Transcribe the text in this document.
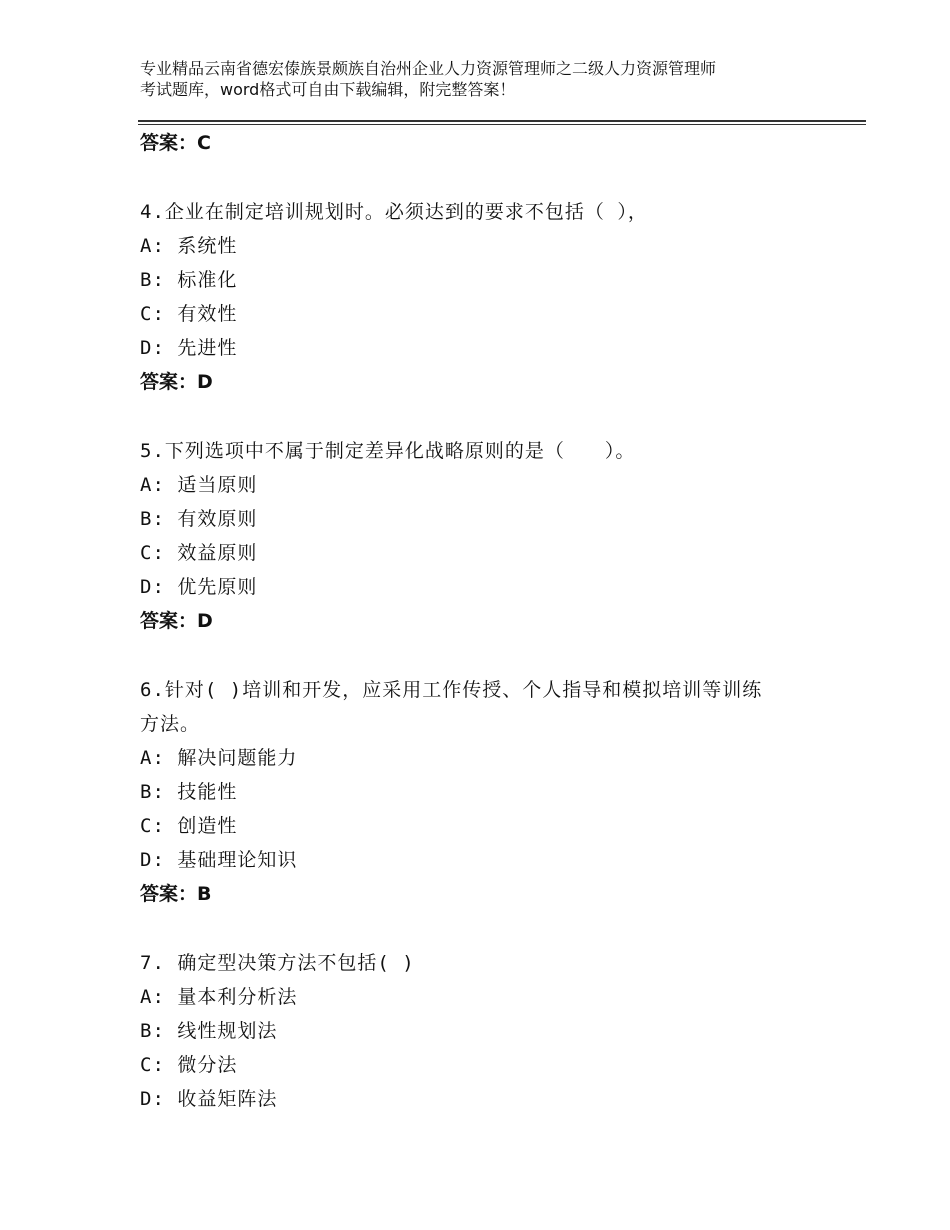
专业精品云南省德宏傣族景颇族自治州企业人力资源管理师之二级人力资源管理师
考试题库，word格式可自由下载编辑，附完整答案！
答案：C
4.企业在制定培训规划时。必须达到的要求不包括（ ），
A: 系统性
B: 标准化
C: 有效性
D: 先进性
答案：D
5.下列选项中不属于制定差异化战略原则的是（　　）。
A: 适当原则
B: 有效原则
C: 效益原则
D: 优先原则
答案：D
6.针对( )培训和开发，应采用工作传授、个人指导和模拟培训等训练
方法。
A: 解决问题能力
B: 技能性
C: 创造性
D: 基础理论知识
答案：B
7. 确定型决策方法不包括( )
A: 量本利分析法
B: 线性规划法
C: 微分法
D: 收益矩阵法
